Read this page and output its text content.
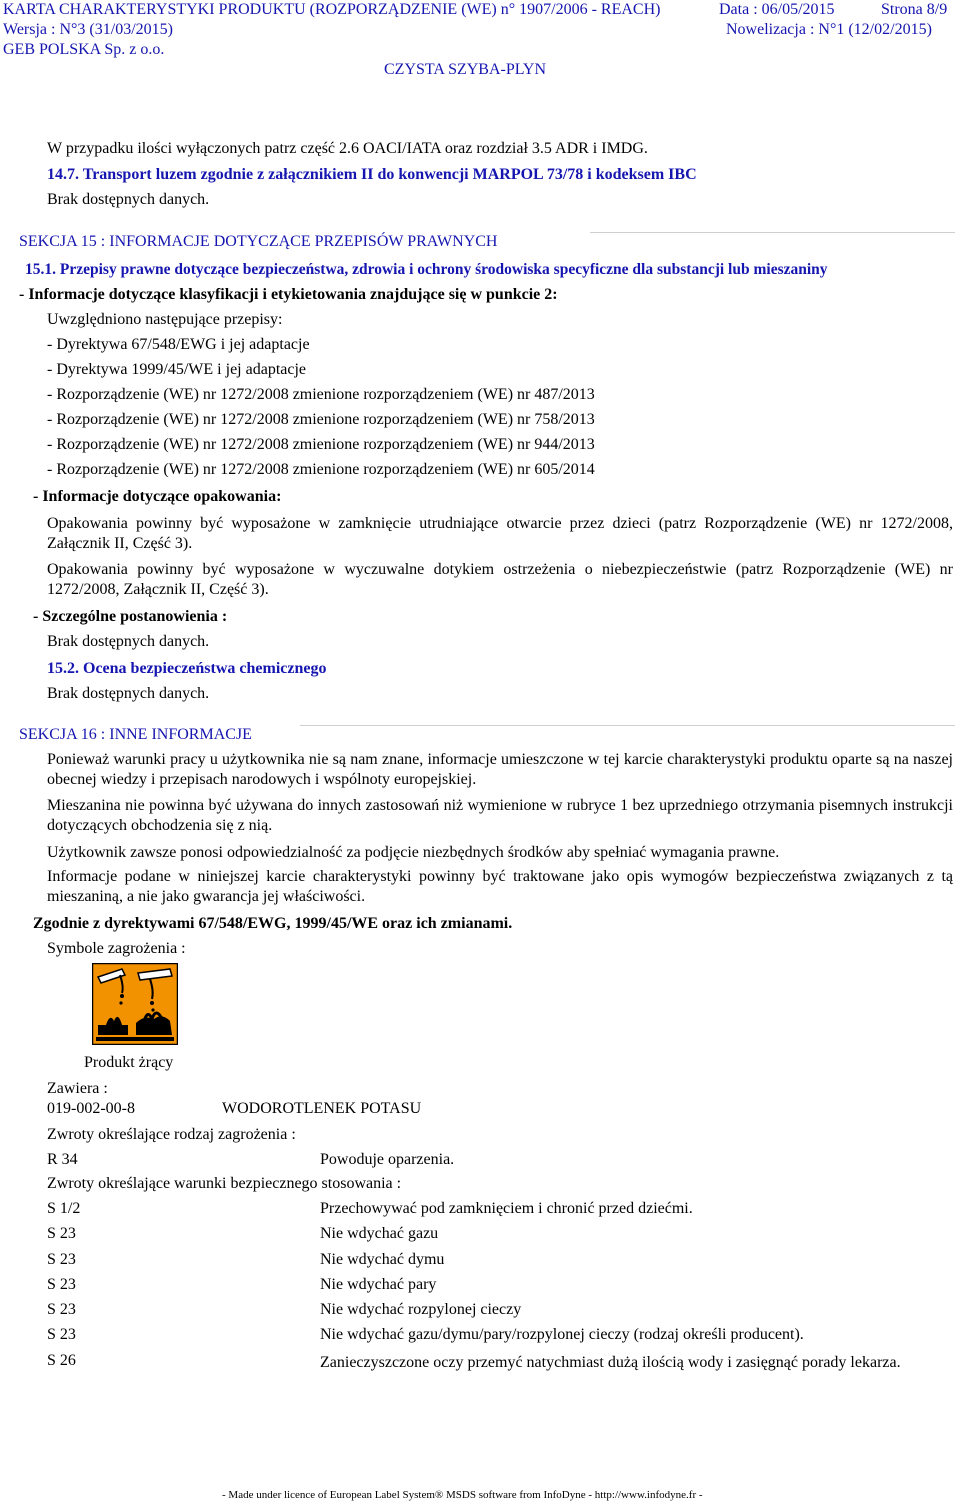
KARTA CHARAKTERYSTYKI PRODUKTU (ROZPORZĄDZENIE (WE) n° 1907/2006 - REACH)	Data : 06/05/2015	Strona 8/9
Wersja : N°3 (31/03/2015)	Nowelizacja : N°1 (12/02/2015)
GEB POLSKA Sp. z o.o.
CZYSTA SZYBA-PLYN
W przypadku ilości wyłączonych patrz część 2.6 OACI/IATA oraz rozdział 3.5 ADR i IMDG.
14.7. Transport luzem zgodnie z załącznikiem II do konwencji MARPOL 73/78 i kodeksem IBC
Brak dostępnych danych.
SEKCJA 15 : INFORMACJE DOTYCZĄCE PRZEPISÓW PRAWNYCH
15.1. Przepisy prawne dotyczące bezpieczeństwa, zdrowia i ochrony środowiska specyficzne dla substancji lub mieszaniny
- Informacje dotyczące klasyfikacji i etykietowania znajdujące się w punkcie 2:
Uwzględniono następujące przepisy:
- Dyrektywa 67/548/EWG i jej adaptacje
- Dyrektywa 1999/45/WE i jej adaptacje
- Rozporządzenie (WE) nr 1272/2008 zmienione rozporządzeniem (WE) nr 487/2013
- Rozporządzenie (WE) nr 1272/2008 zmienione rozporządzeniem (WE) nr 758/2013
- Rozporządzenie (WE) nr 1272/2008 zmienione rozporządzeniem (WE) nr 944/2013
- Rozporządzenie (WE) nr 1272/2008 zmienione rozporządzeniem (WE) nr 605/2014
- Informacje dotyczące opakowania:
Opakowania powinny być wyposażone w zamknięcie utrudniające otwarcie przez dzieci (patrz Rozporządzenie (WE) nr 1272/2008, Załącznik II, Część 3).
Opakowania powinny być wyposażone w wyczuwalne dotykiem ostrzeżenia o niebezpieczeństwie (patrz Rozporządzenie (WE) nr 1272/2008, Załącznik II, Część 3).
- Szczególne postanowienia :
Brak dostępnych danych.
15.2. Ocena bezpieczeństwa chemicznego
Brak dostępnych danych.
SEKCJA 16 : INNE INFORMACJE
Ponieważ warunki pracy u użytkownika nie są nam znane, informacje umieszczone w tej karcie charakterystyki produktu oparte są na naszej obecnej wiedzy i przepisach narodowych i wspólnoty europejskiej.
Mieszanina nie powinna być używana do innych zastosowań niż wymienione w rubryce 1 bez uprzedniego otrzymania pisemnych instrukcji dotyczących obchodzenia się z nią.
Użytkownik zawsze ponosi odpowiedzialność za podjęcie niezbędnych środków aby spełniać wymagania prawne.
Informacje podane w niniejszej karcie charakterystyki powinny być traktowane jako opis wymogów bezpieczeństwa związanych z tą mieszaniną, a nie jako gwarancja jej właściwości.
Zgodnie z dyrektywami 67/548/EWG, 1999/45/WE oraz ich zmianami.
Symbole zagrożenia :
Produkt żrący
Zawiera :
019-002-00-8	WODOROTLENEK POTASU
Zwroty określające rodzaj zagrożenia :
R 34	Powoduje oparzenia.
Zwroty określające warunki bezpiecznego stosowania :
S 1/2	Przechowywać pod zamknięciem i chronić przed dziećmi.
S 23	Nie wdychać gazu
S 23	Nie wdychać dymu
S 23	Nie wdychać pary
S 23	Nie wdychać rozpylonej cieczy
S 23	Nie wdychać gazu/dymu/pary/rozpylonej cieczy (rodzaj określi producent).
S 26	Zanieczyszczone oczy przemyć natychmiast dużą ilością wody i zasięgnąć porady lekarza.
- Made under licence of European Label System® MSDS software from InfoDyne - http://www.infodyne.fr -
